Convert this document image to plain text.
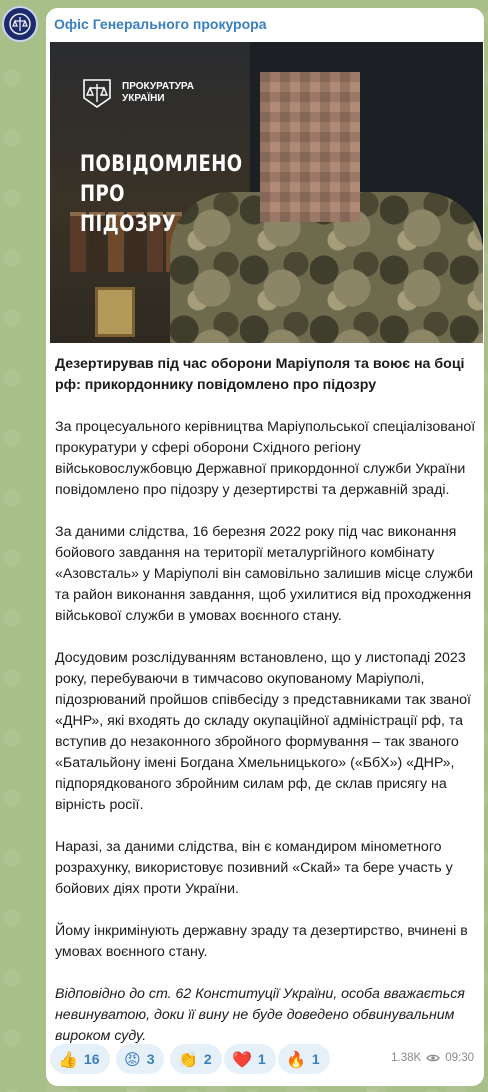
Офіс Генерального прокурора
ПРОКУРАТУРА УКРАЇНИ
ПОВІДОМЛЕНО ПРО ПІДОЗРУ

Дезертирував під час оборони Маріуполя та воює на боці рф: прикордоннику повідомлено про підозру

За процесуального керівництва Маріупольської спеціалізованої прокуратури у сфері оборони Східного регіону військовослужбовцю Державної прикордонної служби України повідомлено про підозру у дезертирстві та державній зраді.

За даними слідства, 16 березня 2022 року під час виконання бойового завдання на території металургійного комбінату «Азовсталь» у Маріуполі він самовільно залишив місце служби та район виконання завдання, щоб ухилитися від проходження військової служби в умовах воєнного стану.

Досудовим розслідуванням встановлено, що у листопаді 2023 року, перебуваючи в тимчасово окупованому Маріуполі, підозрюваний пройшов співбесіду з представниками так званої «ДНР», які входять до складу окупаційної адміністрації рф, та вступив до незаконного збройного формування – так званого «Батальйону імені Богдана Хмельницького» («БбХ») «ДНР», підпорядкованого збройним силам рф, де склав присягу на вірність росії.

Наразі, за даними слідства, він є командиром мінометного розрахунку, використовує позивний «Скай» та бере участь у бойових діях проти України.

Йому інкримінують державну зраду та дезертирство, вчинені в умовах воєнного стану.

Відповідно до ст. 62 Конституції України, особа вважається невинуватою, доки її вину не буде доведено обвинувальним вироком суду.

👍 16 😡 3 👏 2 ❤️ 1 🔥 1	1.38K 09:30
